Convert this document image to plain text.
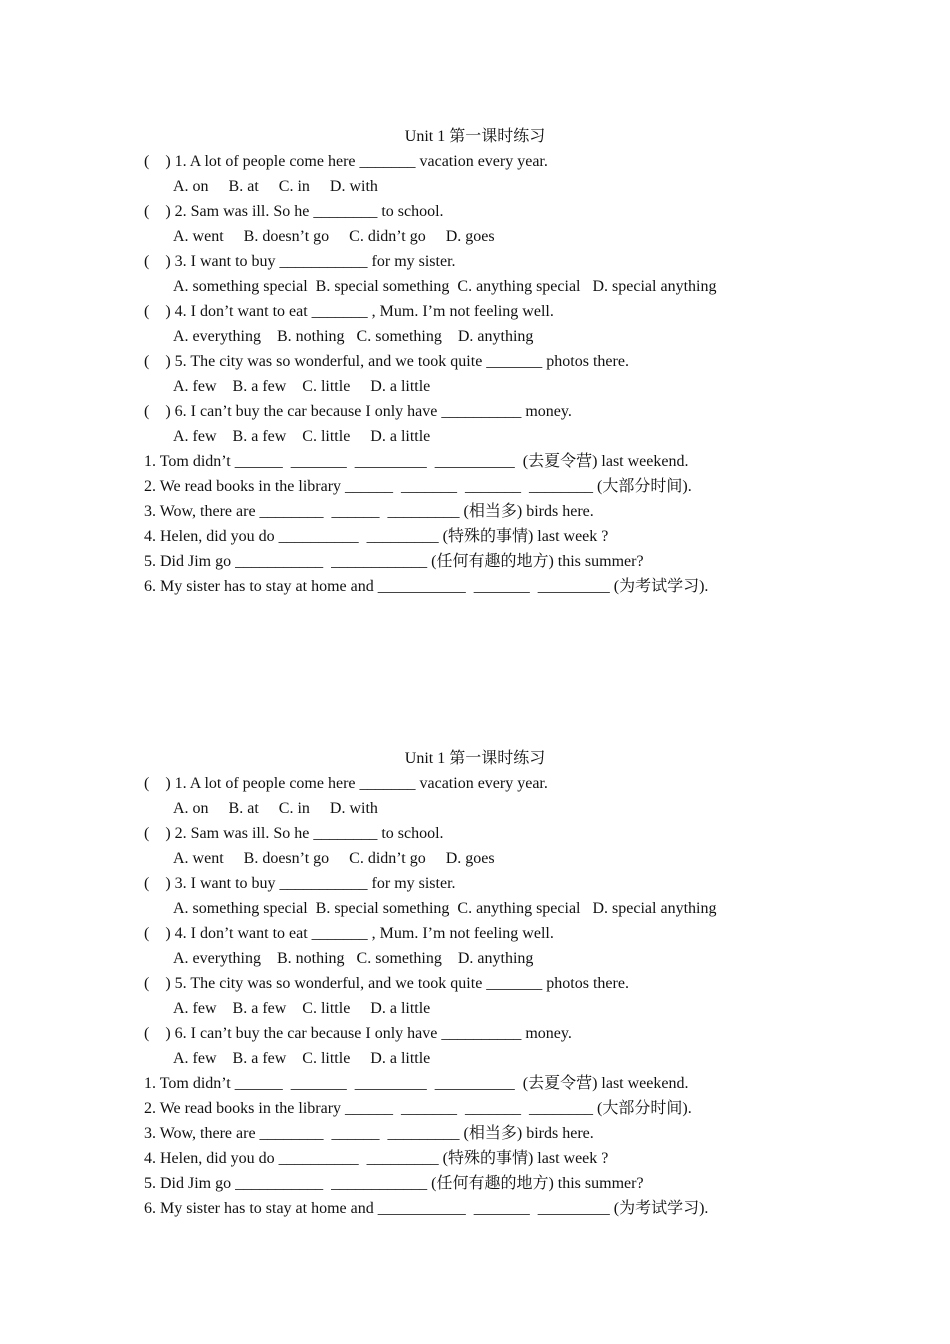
Unit 1 第一课时练习
(    ) 1. A lot of people come here _______ vacation every year.
A. on     B. at     C. in     D. with
(    ) 2. Sam was ill. So he ________ to school.
A. went     B. doesn’t go     C. didn’t go     D. goes
(    ) 3. I want to buy ___________ for my sister.
A. something special  B. special something  C. anything special   D. special anything
(    ) 4. I don’t want to eat _______ , Mum. I’m not feeling well.
A. everything    B. nothing   C. something    D. anything
(    ) 5. The city was so wonderful, and we took quite _______ photos there.
A. few    B. a few    C. little     D. a little
(    ) 6. I can’t buy the car because I only have __________ money.
A. few    B. a few    C. little     D. a little
1. Tom didn’t ______  _______  _________  __________  (去夏令营) last weekend.
2. We read books in the library ______  _______  _______  ________ (大部分时间).
3. Wow, there are ________  ______  _________ (相当多) birds here.
4. Helen, did you do __________  _________ (特殊的事情) last week ?
5. Did Jim go ___________  ____________ (任何有趣的地方) this summer?
6. My sister has to stay at home and ___________  _______  _________ (为考试学习).
Unit 1 第一课时练习
(    ) 1. A lot of people come here _______ vacation every year.
A. on     B. at     C. in     D. with
(    ) 2. Sam was ill. So he ________ to school.
A. went     B. doesn’t go     C. didn’t go     D. goes
(    ) 3. I want to buy ___________ for my sister.
A. something special  B. special something  C. anything special   D. special anything
(    ) 4. I don’t want to eat _______ , Mum. I’m not feeling well.
A. everything    B. nothing   C. something    D. anything
(    ) 5. The city was so wonderful, and we took quite _______ photos there.
A. few    B. a few    C. little     D. a little
(    ) 6. I can’t buy the car because I only have __________ money.
A. few    B. a few    C. little     D. a little
1. Tom didn’t ______  _______  _________  __________  (去夏令营) last weekend.
2. We read books in the library ______  _______  _______  ________ (大部分时间).
3. Wow, there are ________  ______  _________ (相当多) birds here.
4. Helen, did you do __________  _________ (特殊的事情) last week ?
5. Did Jim go ___________  ____________ (任何有趣的地方) this summer?
6. My sister has to stay at home and ___________  _______  _________ (为考试学习).
